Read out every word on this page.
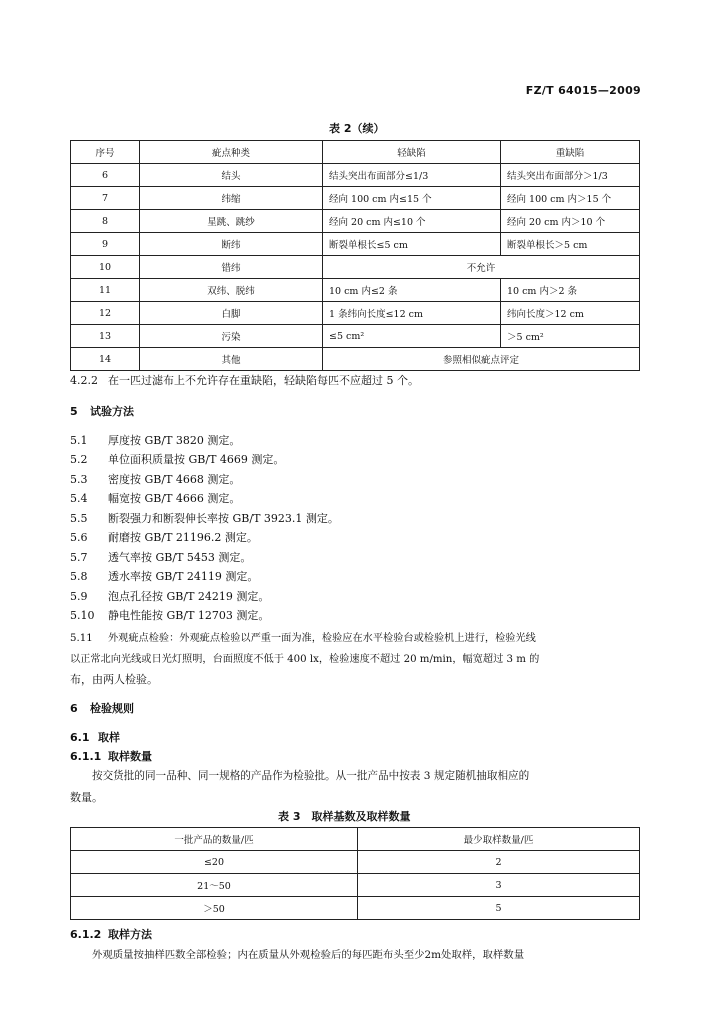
FZ/T 64015—2009
表 2（续）
序号	疵点种类	轻缺陷	重缺陷
6	结头	结头突出布面部分≤1/3	结头突出布面部分＞1/3
7	纬缩	经向 100 cm 内≤15 个	经向 100 cm 内＞15 个
8	星跳、跳纱	经向 20 cm 内≤10 个	经向 20 cm 内＞10 个
9	断纬	断裂单根长≤5 cm	断裂单根长＞5 cm
10	错纬	不允许	
11	双纬、脱纬	10 cm 内≤2 条	10 cm 内＞2 条
12	白脚	1 条纬向长度≤12 cm	纬向长度＞12 cm
13	污染	≤5 cm²	＞5 cm²
14	其他	参照相似疵点评定	
4.2.2 在一匹过滤布上不允许存在重缺陷，轻缺陷每匹不应超过 5 个。
5 试验方法
5.1 厚度按 GB/T 3820 测定。
5.2 单位面积质量按 GB/T 4669 测定。
5.3 密度按 GB/T 4668 测定。
5.4 幅宽按 GB/T 4666 测定。
5.5 断裂强力和断裂伸长率按 GB/T 3923.1 测定。
5.6 耐磨按 GB/T 21196.2 测定。
5.7 透气率按 GB/T 5453 测定。
5.8 透水率按 GB/T 24119 测定。
5.9 泡点孔径按 GB/T 24219 测定。
5.10 静电性能按 GB/T 12703 测定。
5.11 外观疵点检验：外观疵点检验以严重一面为准，检验应在水平检验台或检验机上进行，检验光线
以正常北向光线或日光灯照明，台面照度不低于 400 lx，检验速度不超过 20 m/min，幅宽超过 3 m 的
布，由两人检验。
6 检验规则
6.1 取样
6.1.1 取样数量
按交货批的同一品种、同一规格的产品作为检验批。从一批产品中按表 3 规定随机抽取相应的
数量。
表 3　取样基数及取样数量
一批产品的数量/匹	最少取样数量/匹
≤20	2
21～50	3
＞50	5
6.1.2 取样方法
外观质量按抽样匹数全部检验；内在质量从外观检验后的每匹距布头至少2m处取样，取样数量
